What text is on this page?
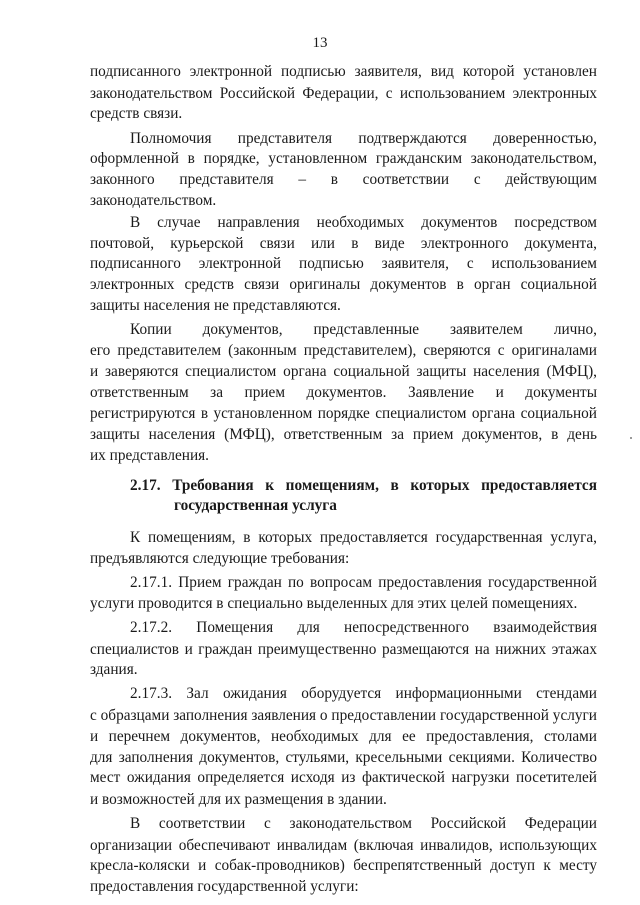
13
подписанного электронной подписью заявителя, вид которой установлен
законодательством Российской Федерации, с использованием электронных
средств связи.
Полномочия представителя подтверждаются доверенностью,
оформленной в порядке, установленном гражданским законодательством,
законного представителя – в соответствии с действующим
законодательством.
В случае направления необходимых документов посредством
почтовой, курьерской связи или в виде электронного документа,
подписанного электронной подписью заявителя, с использованием
электронных средств связи оригиналы документов в орган социальной
защиты населения не представляются.
Копии документов, представленные заявителем лично,
его представителем (законным представителем), сверяются с оригиналами
и заверяются специалистом органа социальной защиты населения (МФЦ),
ответственным за прием документов. Заявление и документы
регистрируются в установленном порядке специалистом органа социальной
защиты населения (МФЦ), ответственным за прием документов, в день
их представления.
2.17. Требования к помещениям, в которых предоставляется
государственная услуга
К помещениям, в которых предоставляется государственная услуга,
предъявляются следующие требования:
2.17.1. Прием граждан по вопросам предоставления государственной
услуги проводится в специально выделенных для этих целей помещениях.
2.17.2. Помещения для непосредственного взаимодействия
специалистов и граждан преимущественно размещаются на нижних этажах
здания.
2.17.3. Зал ожидания оборудуется информационными стендами
с образцами заполнения заявления о предоставлении государственной услуги
и перечнем документов, необходимых для ее предоставления, столами
для заполнения документов, стульями, кресельными секциями. Количество
мест ожидания определяется исходя из фактической нагрузки посетителей
и возможностей для их размещения в здании.
В соответствии с законодательством Российской Федерации
организации обеспечивают инвалидам (включая инвалидов, использующих
кресла-коляски и собак-проводников) беспрепятственный доступ к месту
предоставления государственной услуги:
